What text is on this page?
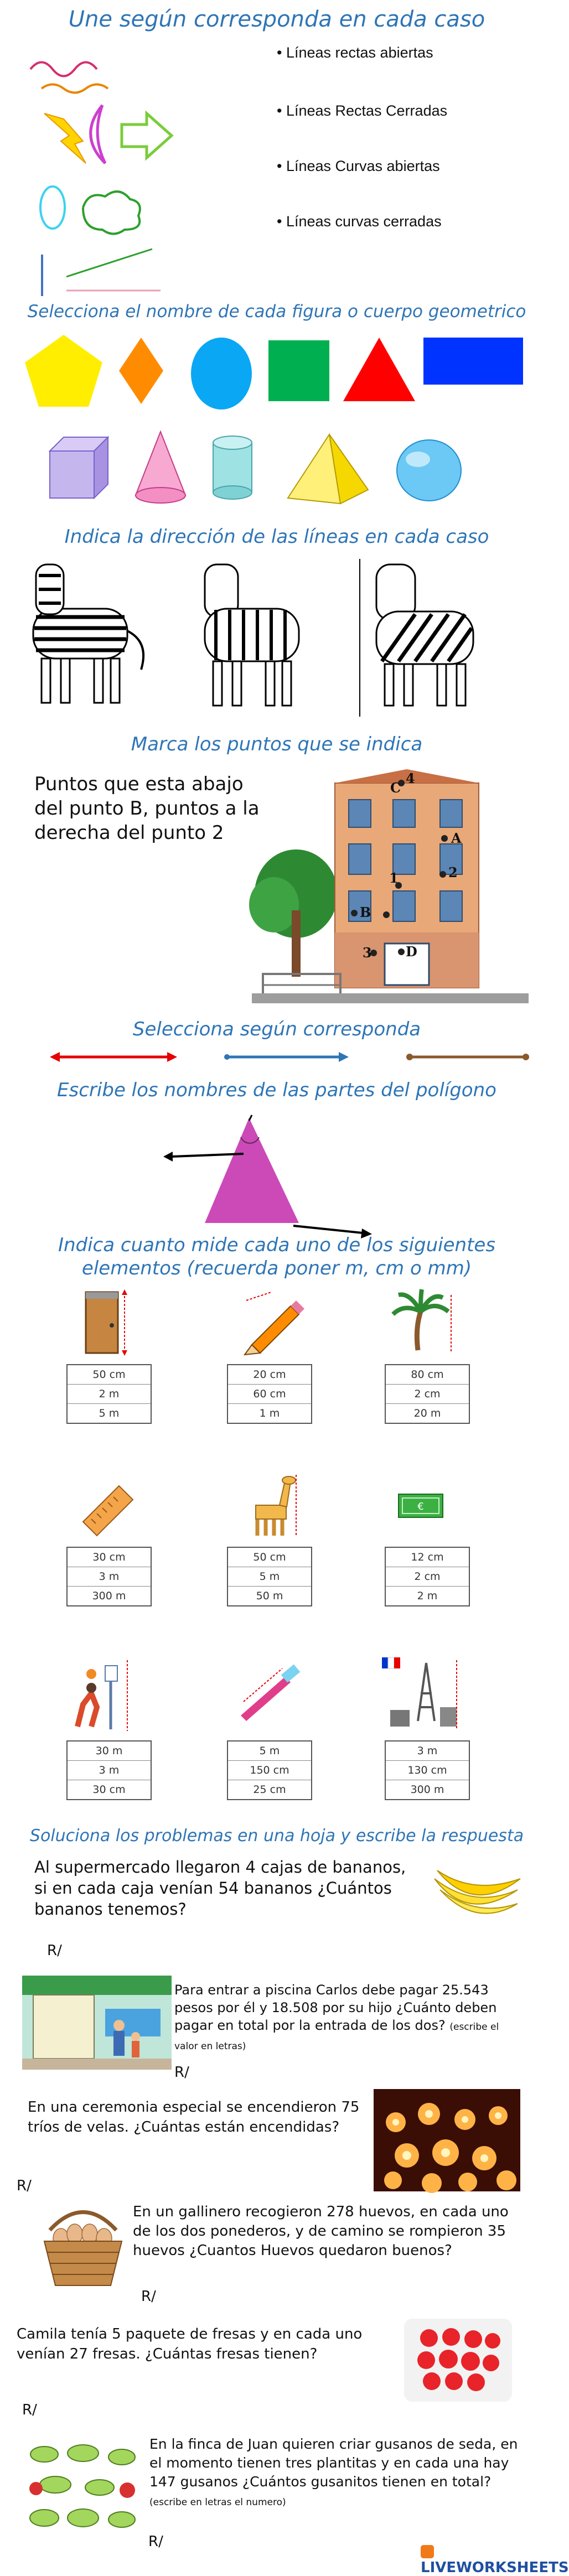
Une según corresponda en cada caso
• Líneas rectas abiertas
• Líneas Rectas Cerradas
• Líneas Curvas abiertas
• Líneas curvas cerradas
Selecciona el nombre de cada figura o cuerpo geometrico
Indica la dirección de las líneas en cada caso
Marca los puntos que se indica
Puntos que esta abajo del punto B, puntos a la derecha del punto 2
4
A
1	2
B
C
D
3
Selecciona según corresponda
Escribe los nombres de las partes del polígono
Indica cuanto mide cada uno de los siguientes
elementos (recuerda poner m, cm o mm)
50 cm
2 m
5 m
20 cm
60 cm
1 m
80 cm
2 cm
20 m
€
30 cm
3 m
300 m
50 cm
5 m
50 m
12 cm
2 cm
2 m
30 m
3 m
30 cm
5 m
150 cm
25 cm
3 m
130 cm
300 m
Soluciona los problemas en una hoja y escribe la respuesta
Al supermercado llegaron 4 cajas de bananos, si en cada caja venían 54 bananos ¿Cuántos bananos tenemos?
R/
Para entrar a piscina Carlos debe pagar 25.543 pesos por él y 18.508 por su hijo ¿Cuánto deben pagar en total por la entrada de los dos? (escribe el valor en letras)
R/
En una ceremonia especial se encendieron 75 tríos de velas. ¿Cuántas están encendidas?
R/
En un gallinero recogieron 278 huevos, en cada uno de los dos ponederos, y de camino se rompieron 35 huevos ¿Cuantos Huevos quedaron buenos?
R/
Camila tenía 5 paquete de fresas y en cada uno venían 27 fresas. ¿Cuántas fresas tienen?
R/
En la finca de Juan quieren criar gusanos de seda, en el momento tienen tres plantitas y en cada una hay 147 gusanos ¿Cuántos gusanitos tienen en total? (escribe en letras el numero)
R/
LIVEWORKSHEETS
